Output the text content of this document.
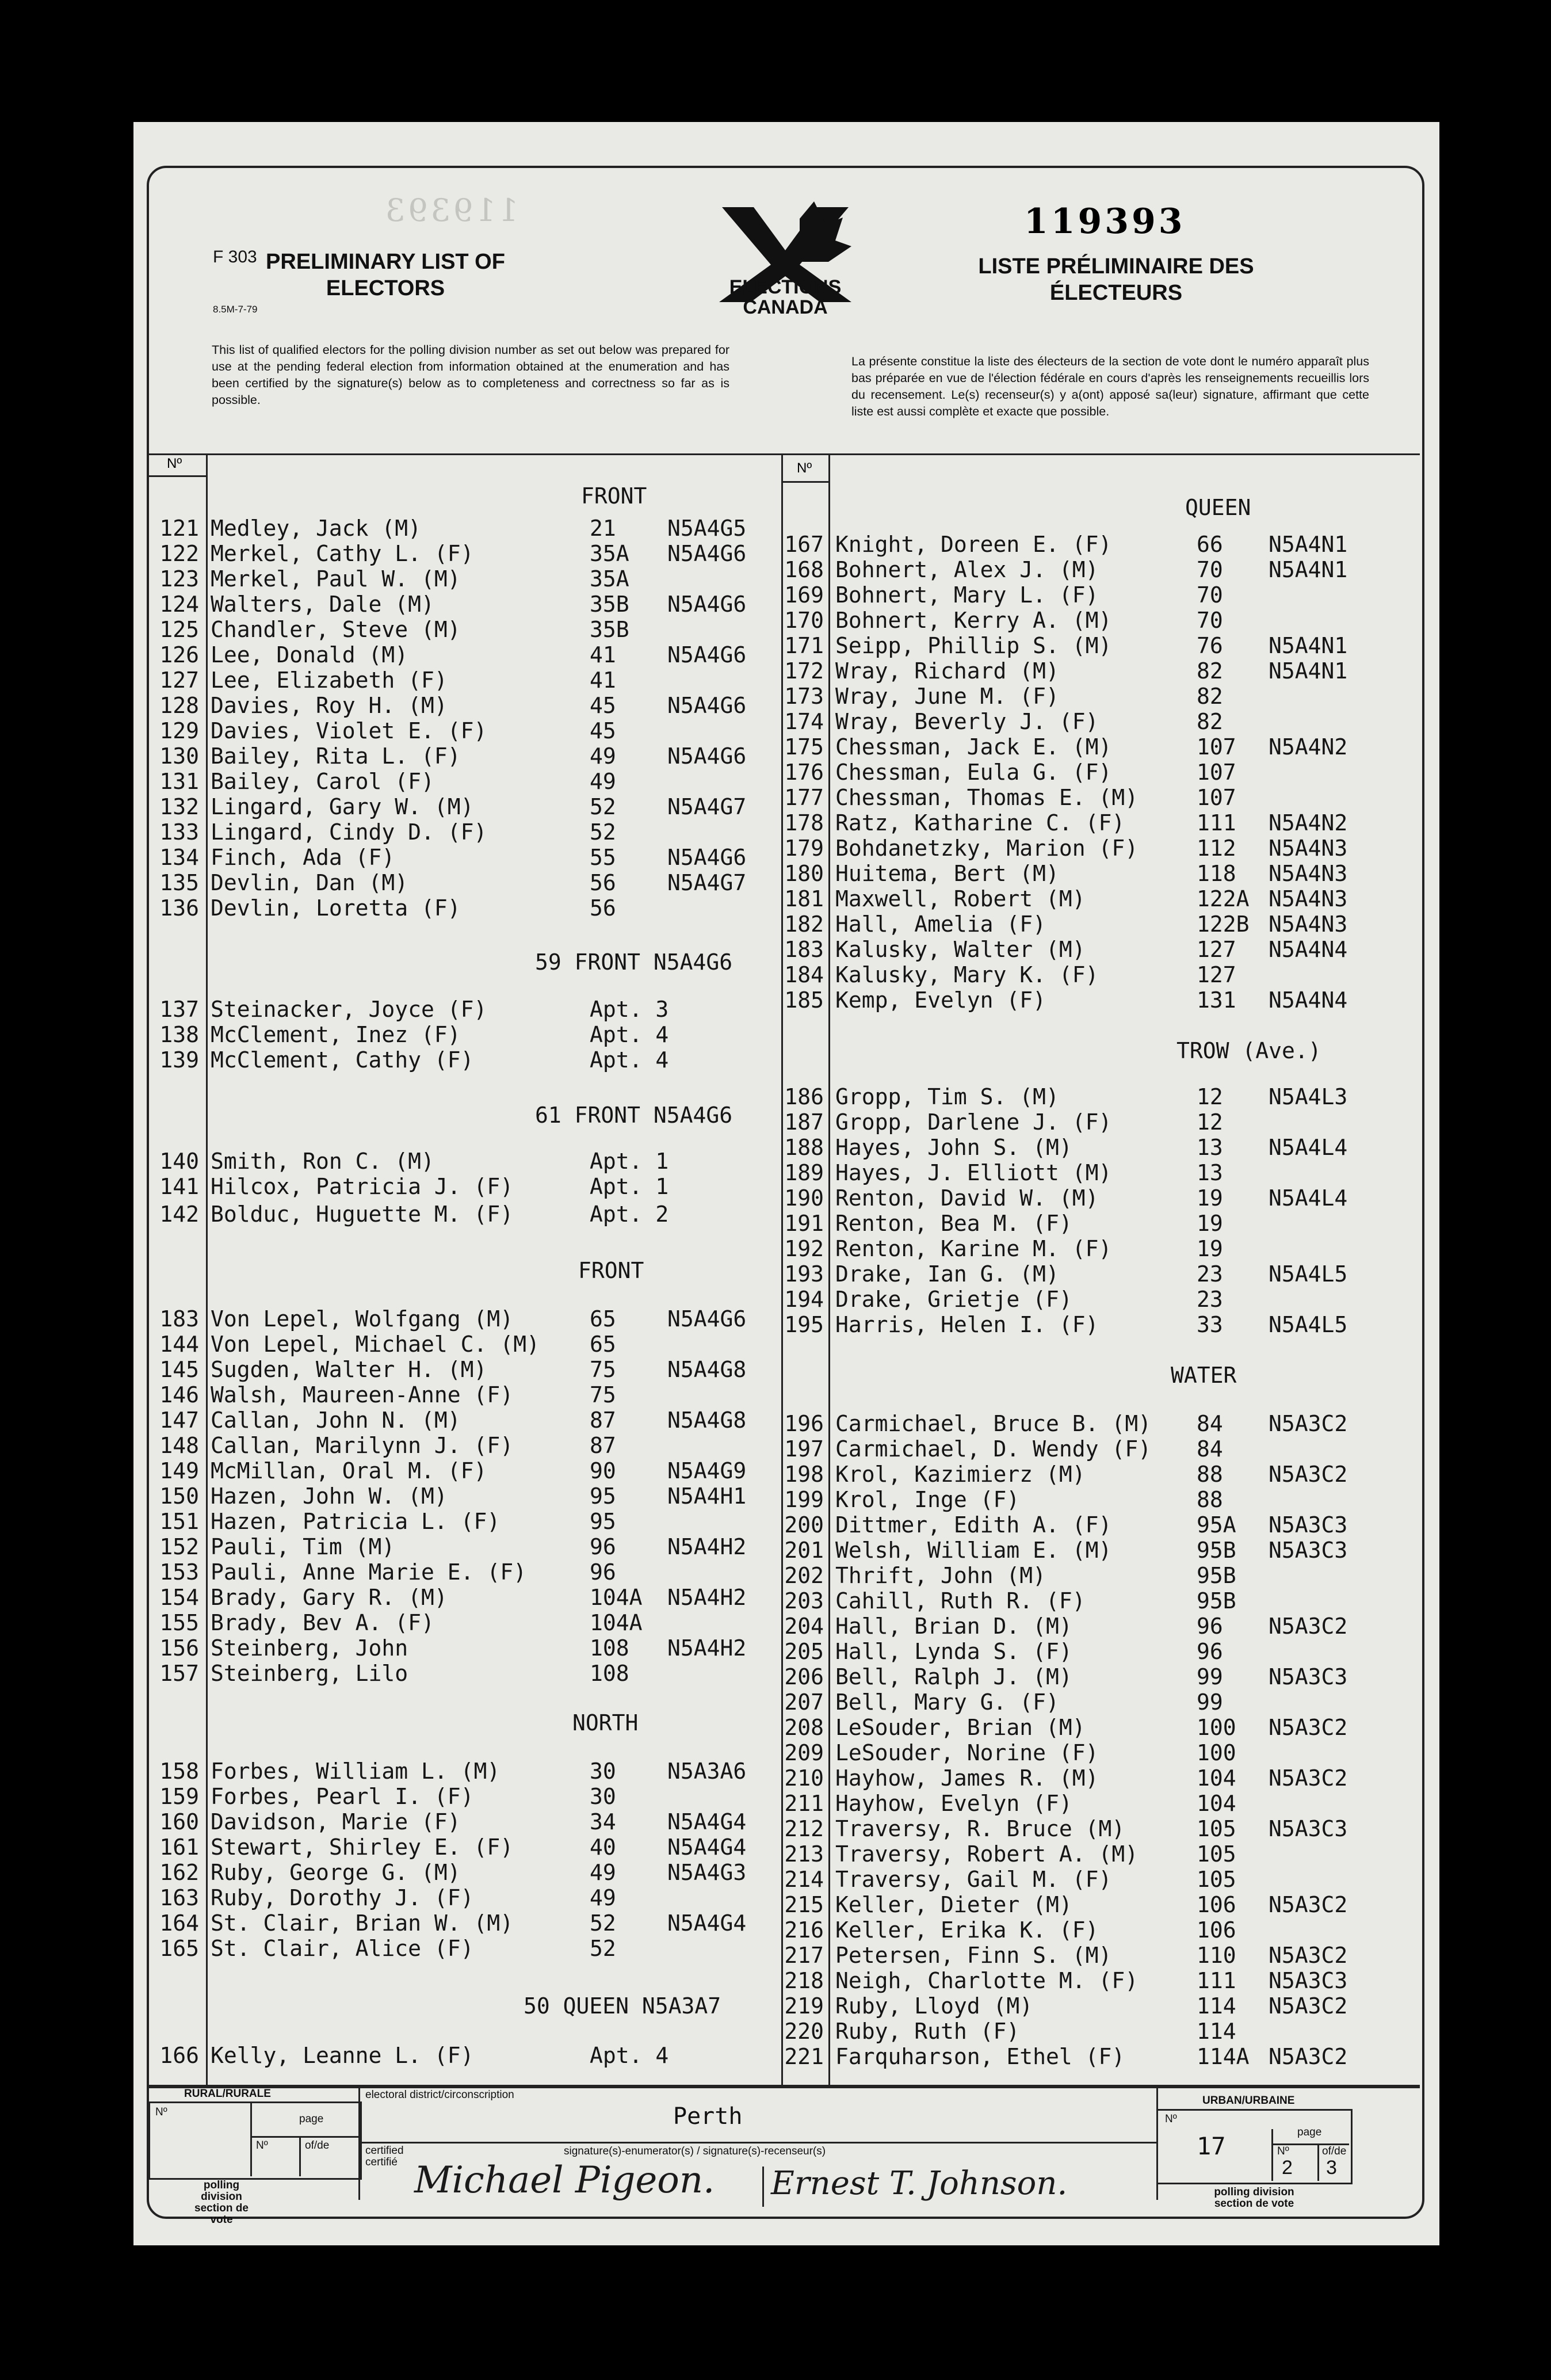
F 303
8.5M-7-79
PRELIMINARY LIST OF ELECTORS
119393
ELECTIONS
CANADA
119393
LISTE PRÉLIMINAIRE DES ÉLECTEURS
This list of qualified electors for the polling division number as set out below was prepared for use at the pending federal election from information obtained at the enumeration and has been certified by the signature(s) below as to completeness and correctness so far as is possible.
La présente constitue la liste des électeurs de la section de vote dont le numéro apparaît plus bas préparée en vue de l'élection fédérale en cours d'après les renseignements recueillis lors du recensement. Le(s) recenseur(s) y a(ont) apposé sa(leur) signature, affirmant que cette liste est aussi complète et exacte que possible.
Nº	Nº
FRONT
121 Medley, Jack (M)	21 N5A4G5
122 Merkel, Cathy L. (F)	35A N5A4G6
123 Merkel, Paul W. (M)	35A
124 Walters, Dale (M)	35B N5A4G6
125 Chandler, Steve (M)	35B
126 Lee, Donald (M)	41 N5A4G6
127 Lee, Elizabeth (F)	41
128 Davies, Roy H. (M)	45 N5A4G6
129 Davies, Violet E. (F)	45
130 Bailey, Rita L. (F)	49 N5A4G6
131 Bailey, Carol (F)	49
132 Lingard, Gary W. (M)	52 N5A4G7
133 Lingard, Cindy D. (F)	52
134 Finch, Ada (F)	55 N5A4G6
135 Devlin, Dan (M)	56 N5A4G7
136 Devlin, Loretta (F)	56
59 FRONT N5A4G6
137 Steinacker, Joyce (F)	Apt. 3
138 McClement, Inez (F)	Apt. 4
139 McClement, Cathy (F)	Apt. 4
61 FRONT N5A4G6
140 Smith, Ron C. (M)	Apt. 1
141 Hilcox, Patricia J. (F)	Apt. 1
142 Bolduc, Huguette M. (F)	Apt. 2
FRONT
183 Von Lepel, Wolfgang (M)	65 N5A4G6
144 Von Lepel, Michael C. (M) 65
145 Sugden, Walter H. (M)	75 N5A4G8
146 Walsh, Maureen-Anne (F)	75
147 Callan, John N. (M)	87 N5A4G8
148 Callan, Marilynn J. (F)	87
149 McMillan, Oral M. (F)	90 N5A4G9
150 Hazen, John W. (M)	95 N5A4H1
151 Hazen, Patricia L. (F)	95
152 Pauli, Tim (M)	96 N5A4H2
153 Pauli, Anne Marie E. (F)	96
154 Brady, Gary R. (M)	104A N5A4H2
155 Brady, Bev A. (F)	104A
156 Steinberg, John	108 N5A4H2
157 Steinberg, Lilo	108
NORTH
158 Forbes, William L. (M)	30 N5A3A6
159 Forbes, Pearl I. (F)	30
160 Davidson, Marie (F)	34 N5A4G4
161 Stewart, Shirley E. (F)	40 N5A4G4
162 Ruby, George G. (M)	49 N5A4G3
163 Ruby, Dorothy J. (F)	49
164 St. Clair, Brian W. (M)	52 N5A4G4
165 St. Clair, Alice (F)	52
50 QUEEN N5A3A7
166 Kelly, Leanne L. (F)	Apt. 4
QUEEN
167 Knight, Doreen E. (F)	66 N5A4N1
168 Bohnert, Alex J. (M)	70 N5A4N1
169 Bohnert, Mary L. (F)	70
170 Bohnert, Kerry A. (M)	70
171 Seipp, Phillip S. (M)	76 N5A4N1
172 Wray, Richard (M)	82 N5A4N1
173 Wray, June M. (F)	82
174 Wray, Beverly J. (F)	82
175 Chessman, Jack E. (M)	107 N5A4N2
176 Chessman, Eula G. (F)	107
177 Chessman, Thomas E. (M)	107
178 Ratz, Katharine C. (F)	111 N5A4N2
179 Bohdanetzky, Marion (F)	112 N5A4N3
180 Huitema, Bert (M)	118 N5A4N3
181 Maxwell, Robert (M)	122A N5A4N3
182 Hall, Amelia (F)	122B N5A4N3
183 Kalusky, Walter (M)	127 N5A4N4
184 Kalusky, Mary K. (F)	127
185 Kemp, Evelyn (F)	131 N5A4N4
TROW (Ave.)
186 Gropp, Tim S. (M)	12 N5A4L3
187 Gropp, Darlene J. (F)	12
188 Hayes, John S. (M)	13 N5A4L4
189 Hayes, J. Elliott (M)	13
190 Renton, David W. (M)	19 N5A4L4
191 Renton, Bea M. (F)	19
192 Renton, Karine M. (F)	19
193 Drake, Ian G. (M)	23 N5A4L5
194 Drake, Grietje (F)	23
195 Harris, Helen I. (F)	33 N5A4L5
WATER
196 Carmichael, Bruce B. (M) 84 N5A3C2
197 Carmichael, D. Wendy (F) 84
198 Krol, Kazimierz (M)	88 N5A3C2
199 Krol, Inge (F)	88
200 Dittmer, Edith A. (F)	95A N5A3C3
201 Welsh, William E. (M)	95B N5A3C3
202 Thrift, John (M)	95B
203 Cahill, Ruth R. (F)	95B
204 Hall, Brian D. (M)	96 N5A3C2
205 Hall, Lynda S. (F)	96
206 Bell, Ralph J. (M)	99 N5A3C3
207 Bell, Mary G. (F)	99
208 LeSouder, Brian (M)	100 N5A3C2
209 LeSouder, Norine (F)	100
210 Hayhow, James R. (M)	104 N5A3C2
211 Hayhow, Evelyn (F)	104
212 Traversy, R. Bruce (M)	105 N5A3C3
213 Traversy, Robert A. (M)	105
214 Traversy, Gail M. (F)	105
215 Keller, Dieter (M)	106 N5A3C2
216 Keller, Erika K. (F)	106
217 Petersen, Finn S. (M)	110 N5A3C2
218 Neigh, Charlotte M. (F)	111 N5A3C3
219 Ruby, Lloyd (M)	114 N5A3C2
220 Ruby, Ruth (F)	114
221 Farquharson, Ethel (F)	114A N5A3C2
RURAL/RURALE
Nº
page
Nº	of/de
polling division section de vote
electoral district/circonscription
Perth
certified certifié
signature(s)-enumerator(s) / signature(s)-recenseur(s)
Michael Pigeon. Ernest T. Johnson.
URBAN/URBAINE
Nº
page
17	Nº	of/de
2 3
polling division section de vote
